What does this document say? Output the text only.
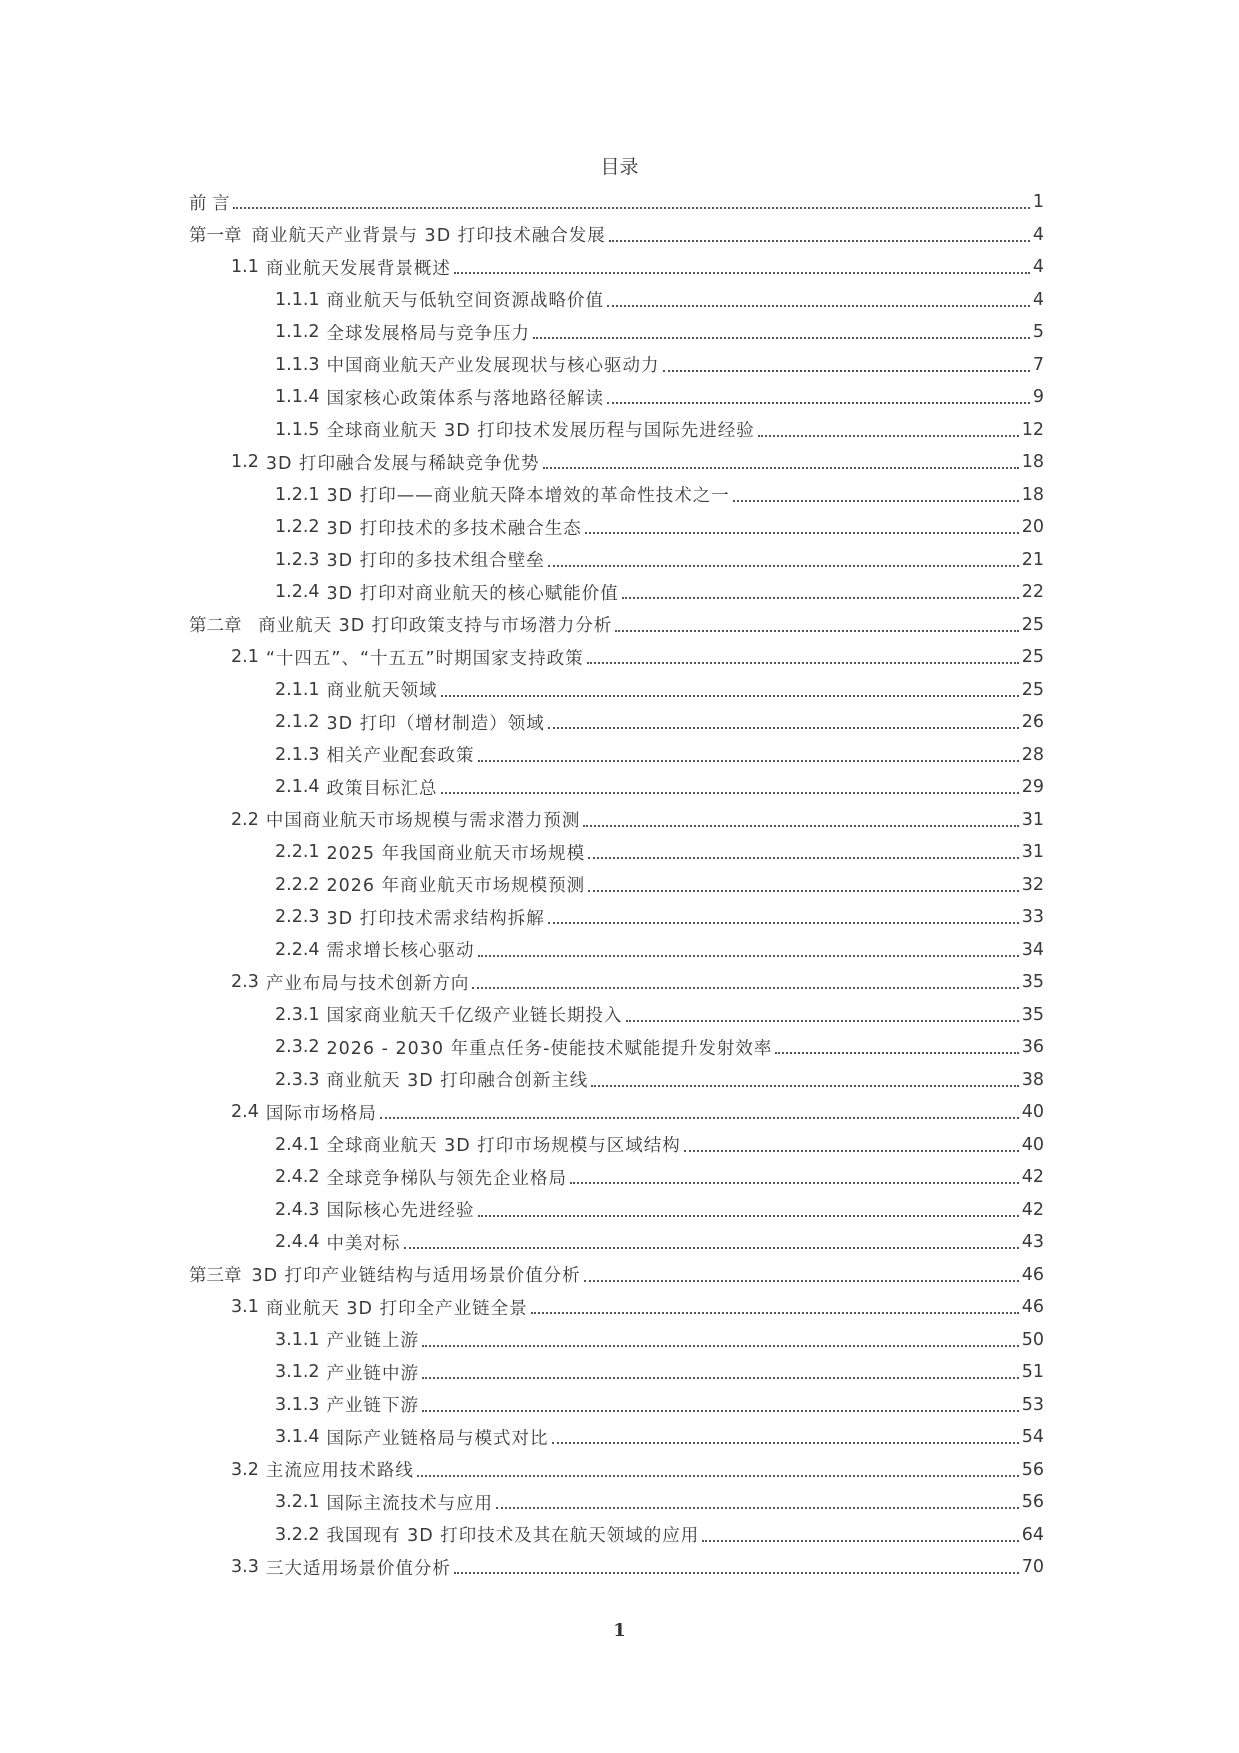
目录
前 言	1
第一章 商业航天产业背景与 3D 打印技术融合发展	4
1.1 商业航天发展背景概述	4
1.1.1 商业航天与低轨空间资源战略价值	4
1.1.2 全球发展格局与竞争压力	5
1.1.3 中国商业航天产业发展现状与核心驱动力	7
1.1.4 国家核心政策体系与落地路径解读	9
1.1.5 全球商业航天 3D 打印技术发展历程与国际先进经验	12
1.2 3D 打印融合发展与稀缺竞争优势	18
1.2.1 3D 打印——商业航天降本增效的革命性技术之一	18
1.2.2 3D 打印技术的多技术融合生态	20
1.2.3 3D 打印的多技术组合壁垒	21
1.2.4 3D 打印对商业航天的核心赋能价值	22
第二章 商业航天 3D 打印政策支持与市场潜力分析	25
2.1 “十四五”、“十五五”时期国家支持政策	25
2.1.1 商业航天领域	25
2.1.2 3D 打印（增材制造）领域	26
2.1.3 相关产业配套政策	28
2.1.4 政策目标汇总	29
2.2 中国商业航天市场规模与需求潜力预测	31
2.2.1 2025 年我国商业航天市场规模	31
2.2.2 2026 年商业航天市场规模预测	32
2.2.3 3D 打印技术需求结构拆解	33
2.2.4 需求增长核心驱动	34
2.3 产业布局与技术创新方向	35
2.3.1 国家商业航天千亿级产业链长期投入	35
2.3.2 2026 - 2030 年重点任务-使能技术赋能提升发射效率	36
2.3.3 商业航天 3D 打印融合创新主线	38
2.4 国际市场格局	40
2.4.1 全球商业航天 3D 打印市场规模与区域结构	40
2.4.2 全球竞争梯队与领先企业格局	42
2.4.3 国际核心先进经验	42
2.4.4 中美对标	43
第三章 3D 打印产业链结构与适用场景价值分析	46
3.1 商业航天 3D 打印全产业链全景	46
3.1.1 产业链上游	50
3.1.2 产业链中游	51
3.1.3 产业链下游	53
3.1.4 国际产业链格局与模式对比	54
3.2 主流应用技术路线	56
3.2.1 国际主流技术与应用	56
3.2.2 我国现有 3D 打印技术及其在航天领域的应用	64
3.3 三大适用场景价值分析	70
1
